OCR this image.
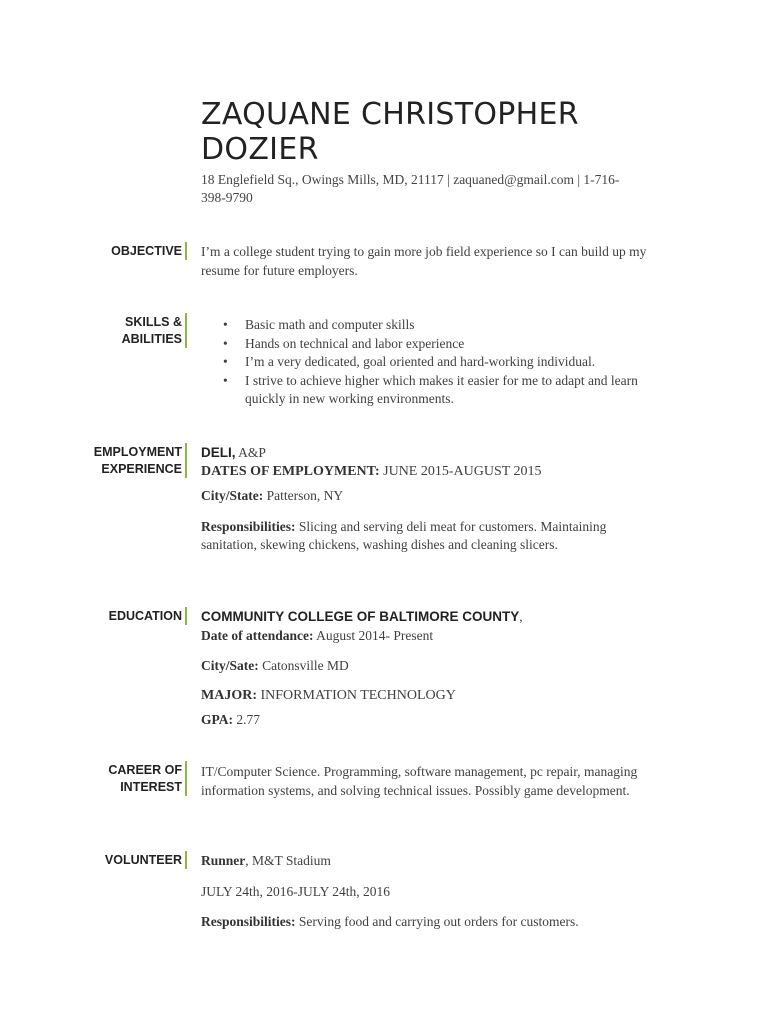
ZAQUANE CHRISTOPHER DOZIER
18 Englefield Sq., Owings Mills, MD, 21117 | zaquaned@gmail.com | 1-716-398-9790
OBJECTIVE I’m a college student trying to gain more job field experience so I can build up my resume for future employers.
SKILLS &
ABILITIES
• Basic math and computer skills
• Hands on technical and labor experience
• I’m a very dedicated, goal oriented and hard-working individual.
• I strive to achieve higher which makes it easier for me to adapt and learn quickly in new working environments.
EMPLOYMENT
EXPERIENCE
DELI, A&P
DATES OF EMPLOYMENT: JUNE 2015-AUGUST 2015
City/State: Patterson, NY
Responsibilities: Slicing and serving deli meat for customers. Maintaining sanitation, skewing chickens, washing dishes and cleaning slicers.
EDUCATION COMMUNITY COLLEGE OF BALTIMORE COUNTY,
Date of attendance: August 2014- Present
City/Sate: Catonsville MD
MAJOR: INFORMATION TECHNOLOGY
GPA: 2.77
CAREER OF
INTEREST
IT/Computer Science. Programming, software management, pc repair, managing information systems, and solving technical issues. Possibly game development.
VOLUNTEER Runner, M&T Stadium
JULY 24th, 2016-JULY 24th, 2016
Responsibilities: Serving food and carrying out orders for customers.
